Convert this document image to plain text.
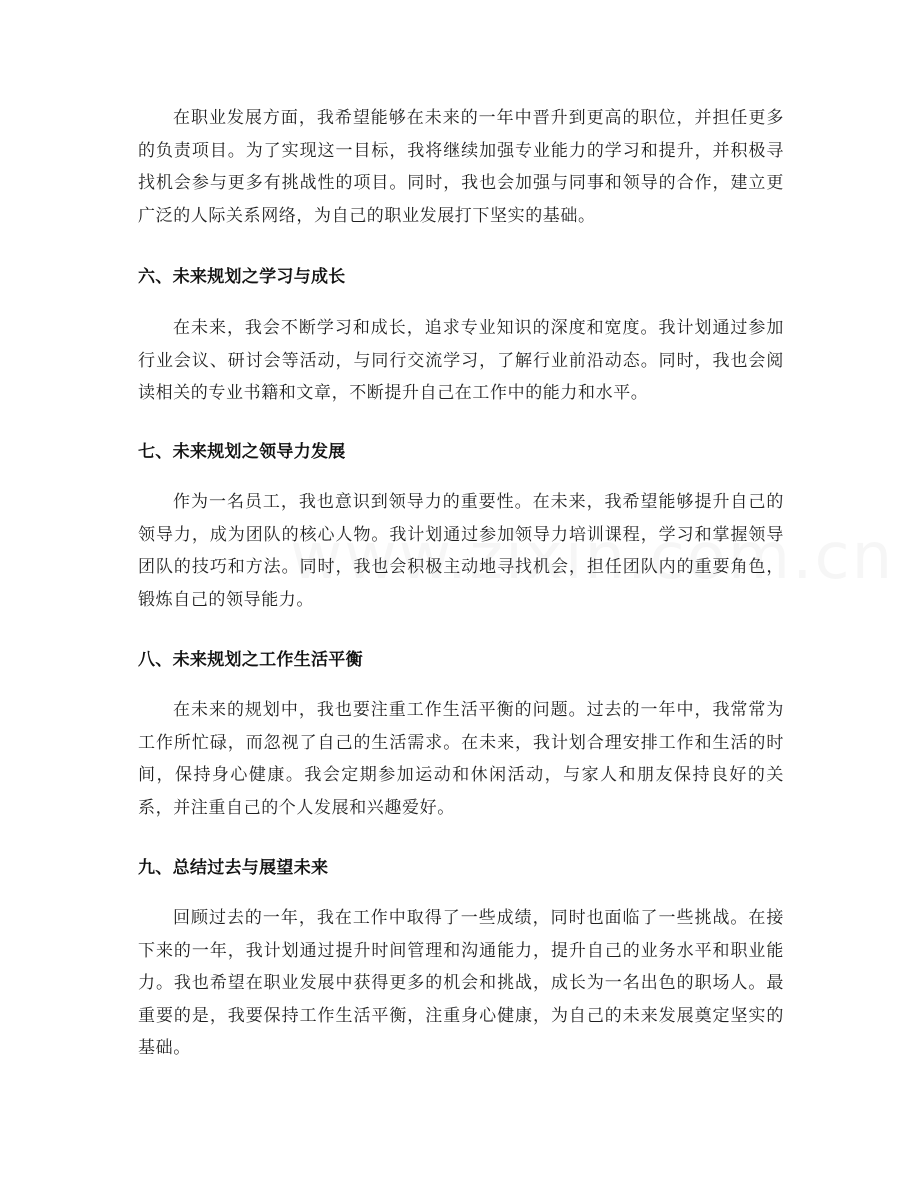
在职业发展方面，我希望能够在未来的一年中晋升到更高的职位，并担任更多的负责项目。为了实现这一目标，我将继续加强专业能力的学习和提升，并积极寻找机会参与更多有挑战性的项目。同时，我也会加强与同事和领导的合作，建立更广泛的人际关系网络，为自己的职业发展打下坚实的基础。

六、未来规划之学习与成长

在未来，我会不断学习和成长，追求专业知识的深度和宽度。我计划通过参加行业会议、研讨会等活动，与同行交流学习，了解行业前沿动态。同时，我也会阅读相关的专业书籍和文章，不断提升自己在工作中的能力和水平。

七、未来规划之领导力发展

作为一名员工，我也意识到领导力的重要性。在未来，我希望能够提升自己的领导力，成为团队的核心人物。我计划通过参加领导力培训课程，学习和掌握领导团队的技巧和方法。同时，我也会积极主动地寻找机会，担任团队内的重要角色，锻炼自己的领导能力。

八、未来规划之工作生活平衡

在未来的规划中，我也要注重工作生活平衡的问题。过去的一年中，我常常为工作所忙碌，而忽视了自己的生活需求。在未来，我计划合理安排工作和生活的时间，保持身心健康。我会定期参加运动和休闲活动，与家人和朋友保持良好的关系，并注重自己的个人发展和兴趣爱好。

九、总结过去与展望未来

回顾过去的一年，我在工作中取得了一些成绩，同时也面临了一些挑战。在接下来的一年，我计划通过提升时间管理和沟通能力，提升自己的业务水平和职业能力。我也希望在职业发展中获得更多的机会和挑战，成长为一名出色的职场人。最重要的是，我要保持工作生活平衡，注重身心健康，为自己的未来发展奠定坚实的基础。
